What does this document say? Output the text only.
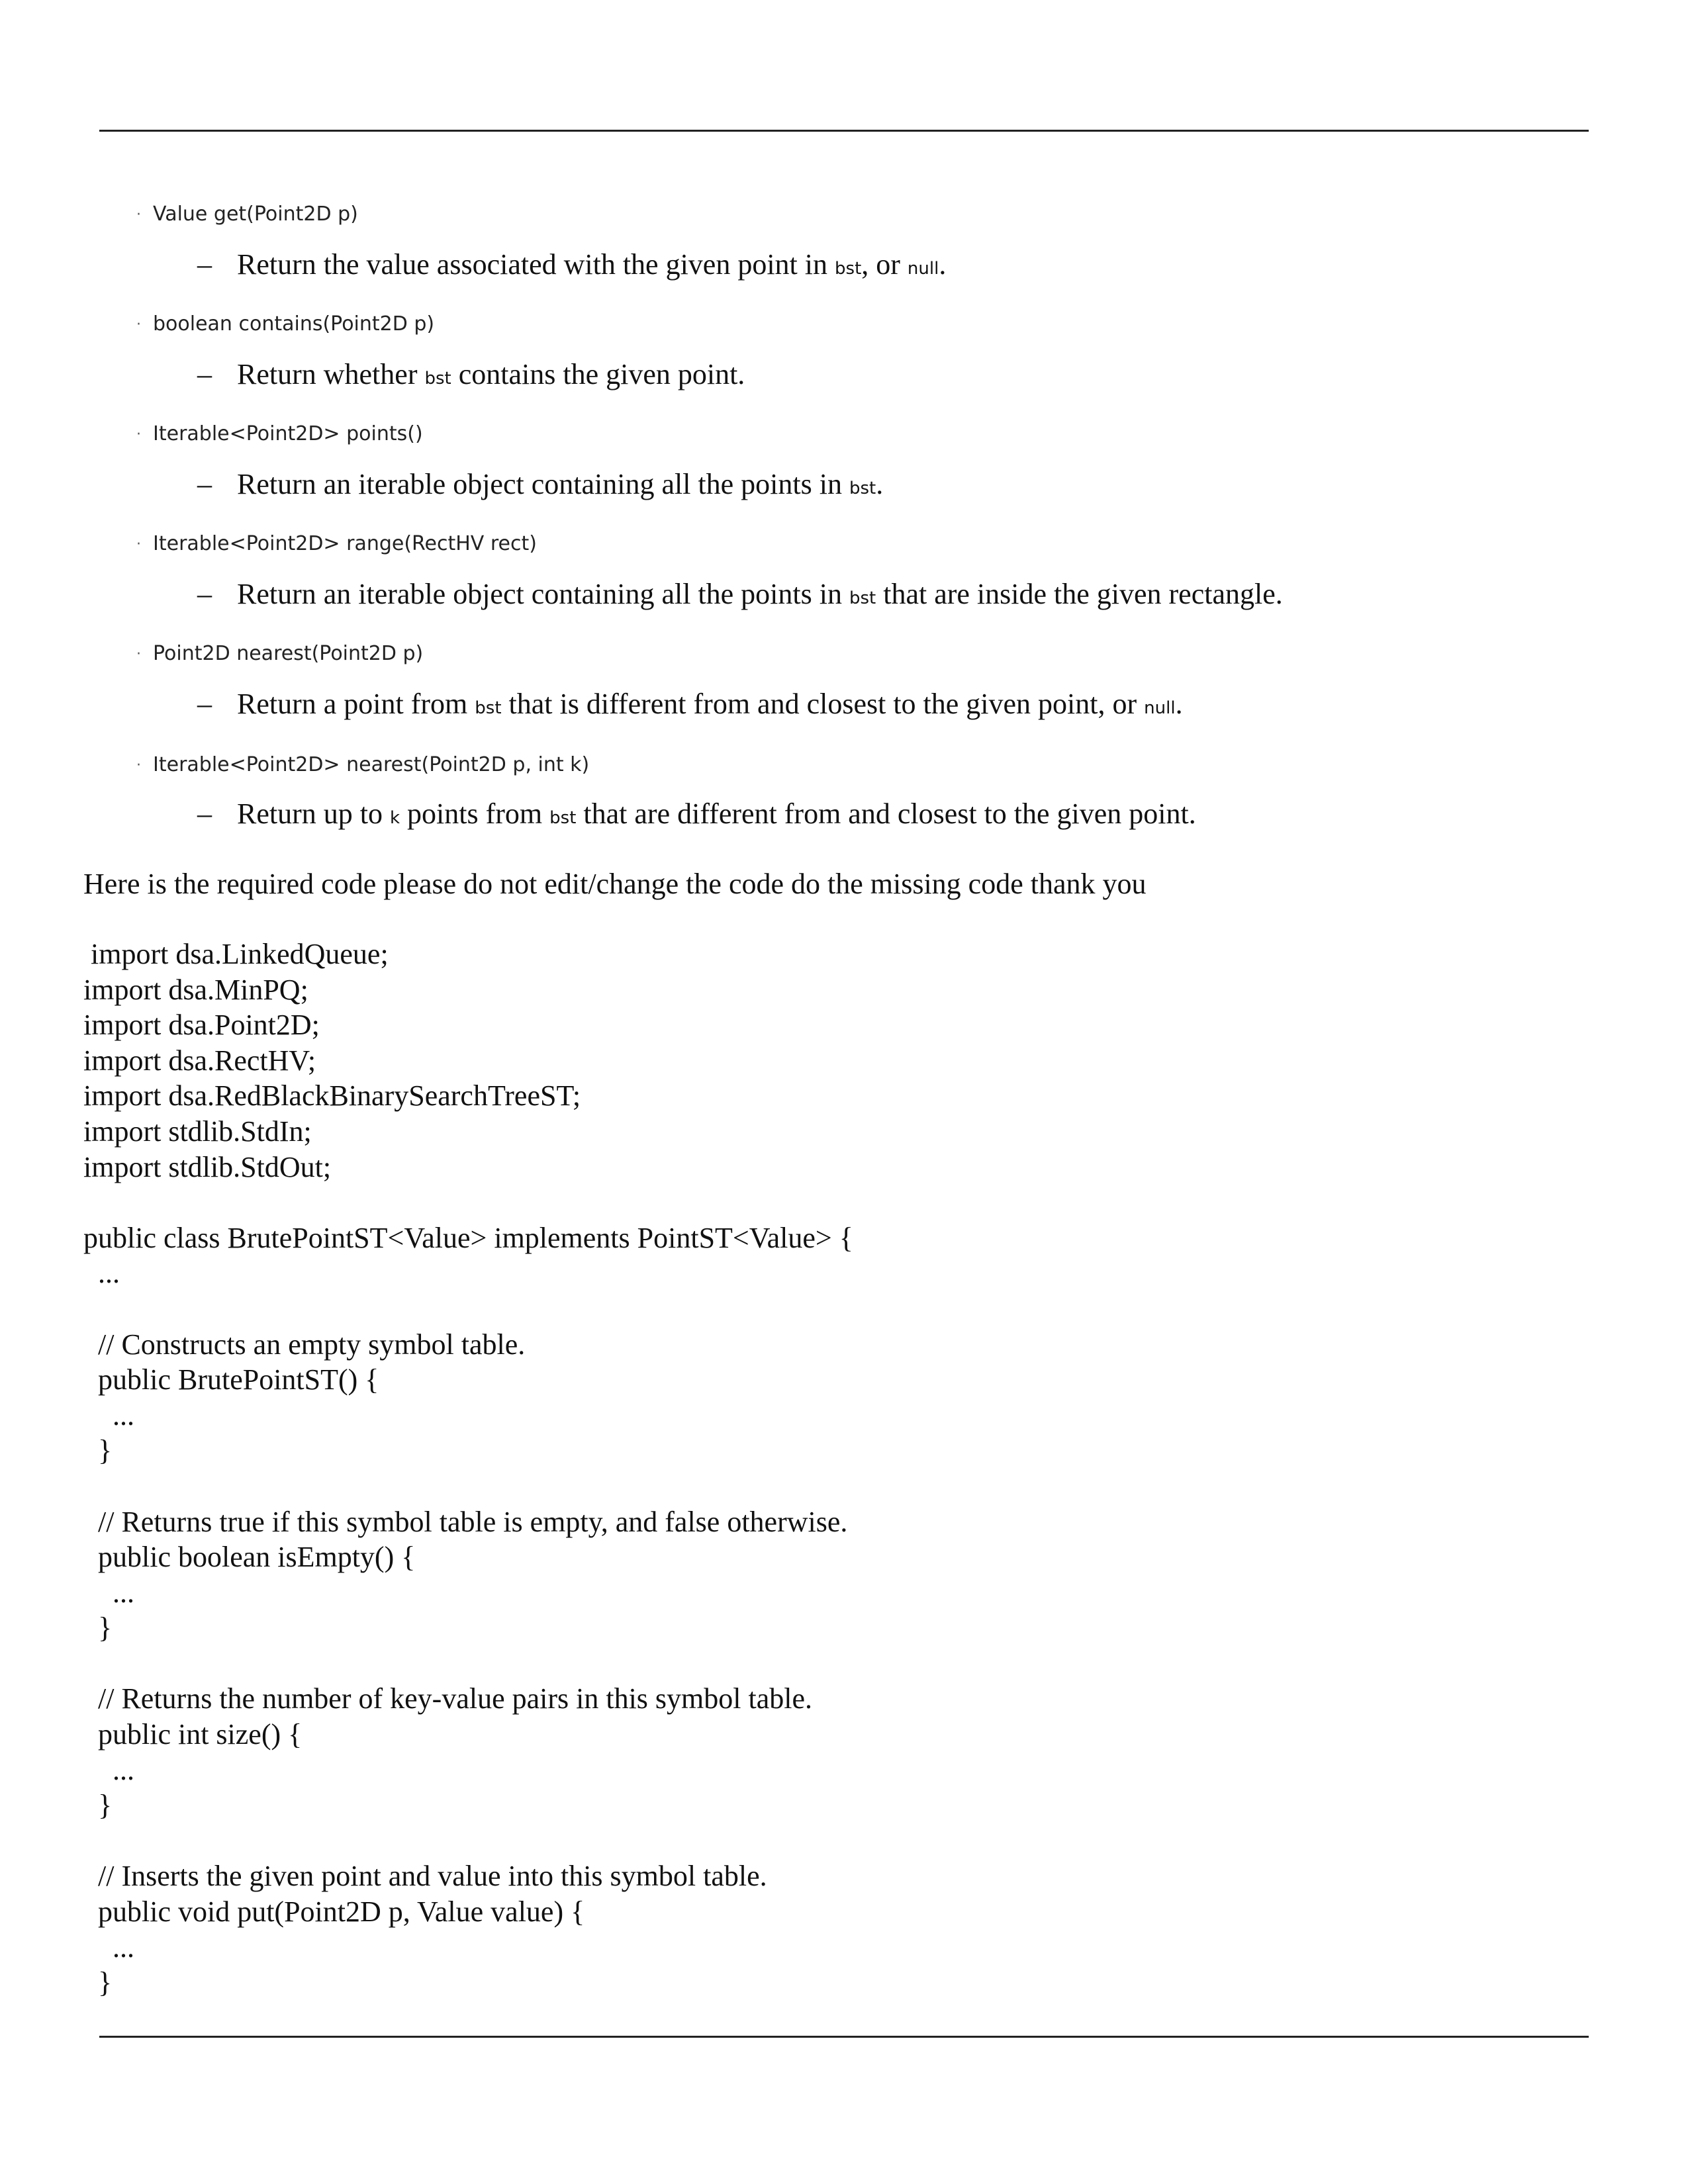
· Value get(Point2D p)
– Return the value associated with the given point in bst, or null.
· boolean contains(Point2D p)
– Return whether bst contains the given point.
· Iterable<Point2D> points()
– Return an iterable object containing all the points in bst.
· Iterable<Point2D> range(RectHV rect)
– Return an iterable object containing all the points in bst that are inside the given rectangle.
· Point2D nearest(Point2D p)
– Return a point from bst that is different from and closest to the given point, or null.
· Iterable<Point2D> nearest(Point2D p, int k)
– Return up to k points from bst that are different from and closest to the given point.
Here is the required code please do not edit/change the code do the missing code thank you
import dsa.LinkedQueue;
import dsa.MinPQ;
import dsa.Point2D;
import dsa.RectHV;
import dsa.RedBlackBinarySearchTreeST;
import stdlib.StdIn;
import stdlib.StdOut;

public class BrutePointST<Value> implements PointST<Value> {
...

// Constructs an empty symbol table.
public BrutePointST() {
...
}

// Returns true if this symbol table is empty, and false otherwise.
public boolean isEmpty() {
...
}

// Returns the number of key-value pairs in this symbol table.
public int size() {
...
}

// Inserts the given point and value into this symbol table.
public void put(Point2D p, Value value) {
...
}
